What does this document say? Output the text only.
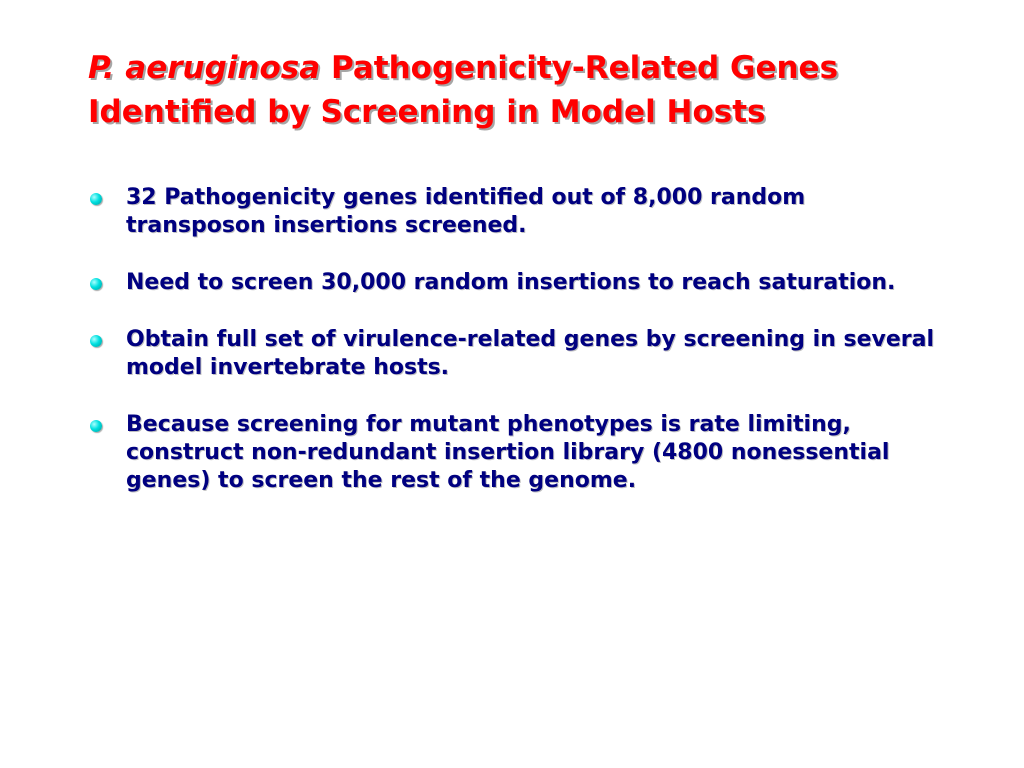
P. aeruginosa Pathogenicity-Related Genes
Identified by Screening in Model Hosts
32 Pathogenicity genes identified out of 8,000 random transposon insertions screened.
Need to screen 30,000 random insertions to reach saturation.
Obtain full set of virulence-related genes by screening in several model invertebrate hosts.
Because screening for mutant phenotypes is rate limiting, construct non-redundant insertion library (4800 nonessential genes) to screen the rest of the genome.
